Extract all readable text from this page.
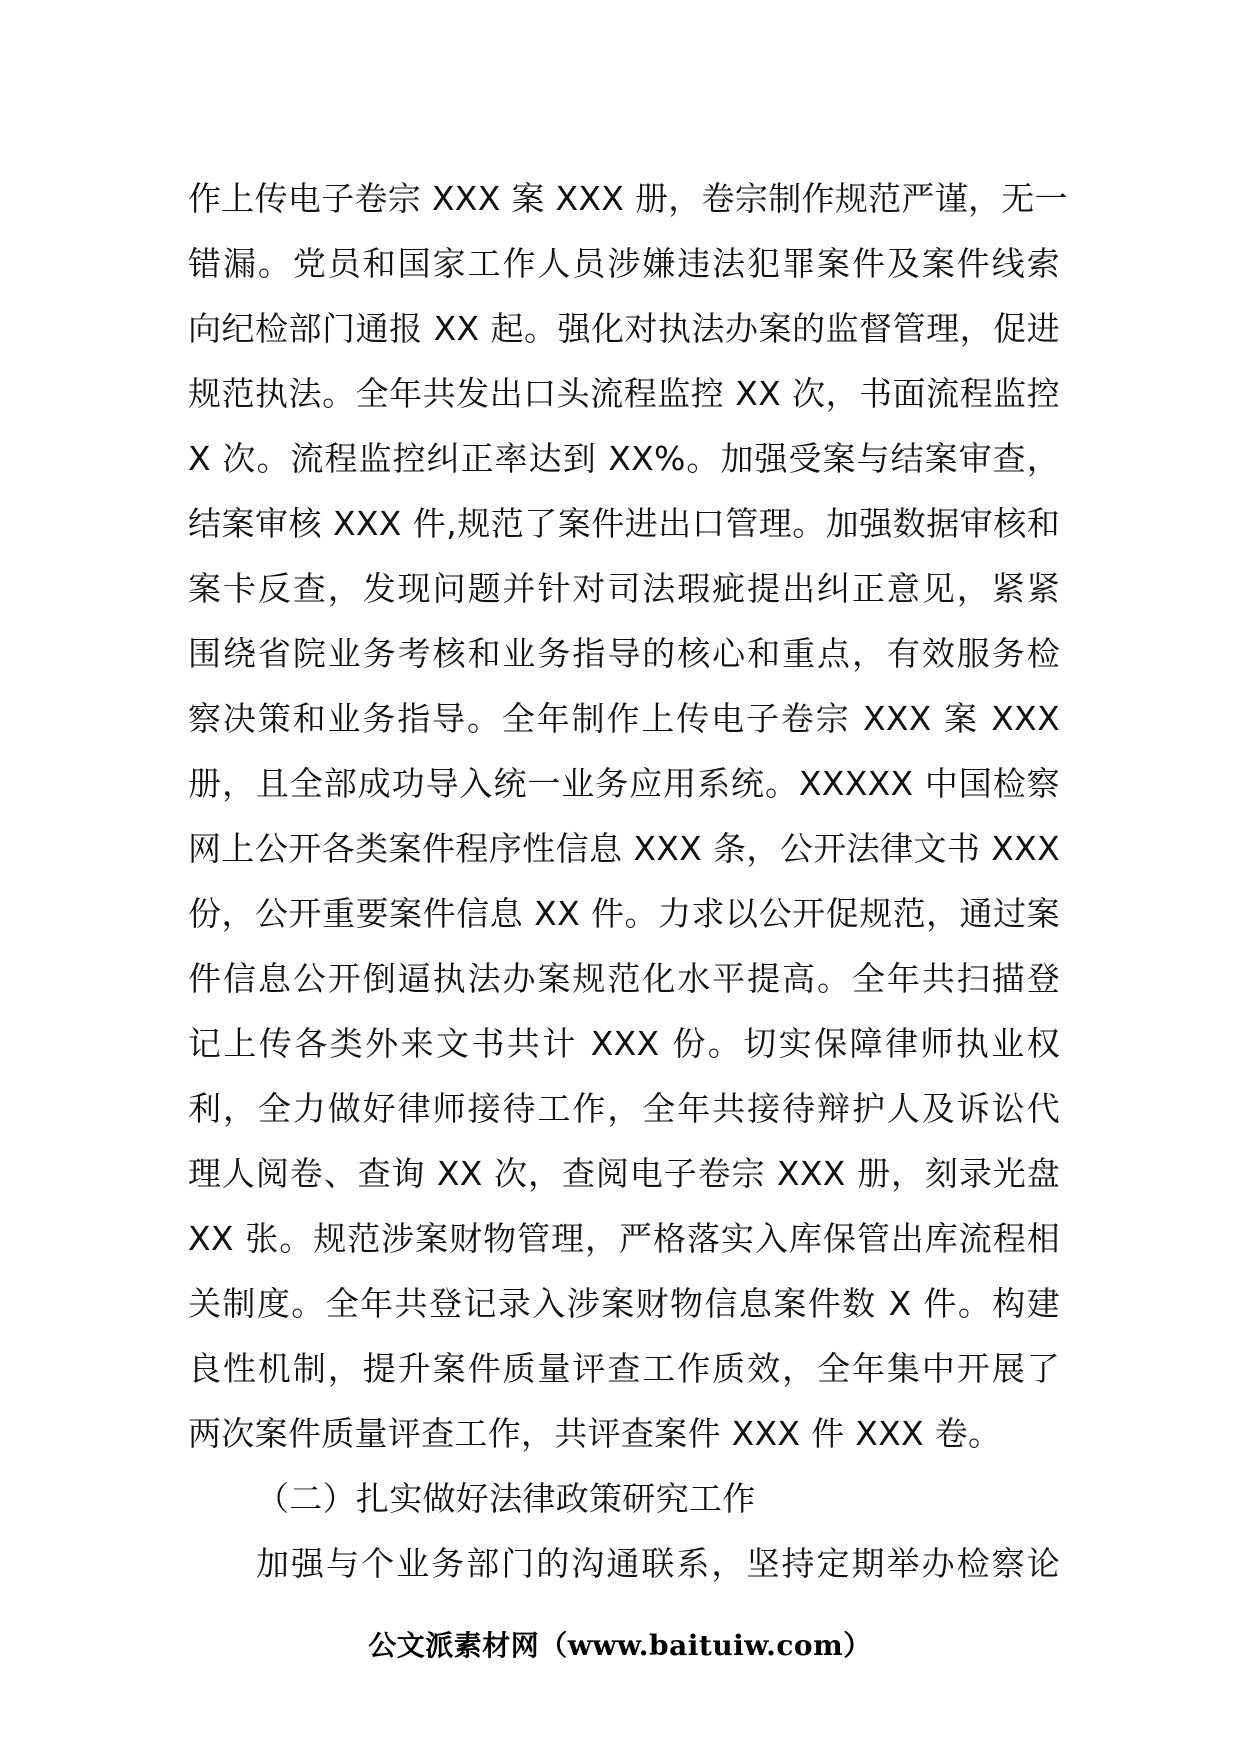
作上传电子卷宗 XXX 案 XXX 册，卷宗制作规范严谨，无一
错漏。党员和国家工作人员涉嫌违法犯罪案件及案件线索
向纪检部门通报 XX 起。强化对执法办案的监督管理，促进
规范执法。全年共发出口头流程监控 XX 次，书面流程监控
X 次。流程监控纠正率达到 XX%。加强受案与结案审查，
结案审核 XXX 件,规范了案件进出口管理。加强数据审核和
案卡反查，发现问题并针对司法瑕疵提出纠正意见，紧紧
围绕省院业务考核和业务指导的核心和重点，有效服务检
察决策和业务指导。全年制作上传电子卷宗 XXX 案 XXX
册，且全部成功导入统一业务应用系统。XXXXX 中国检察
网上公开各类案件程序性信息 XXX 条，公开法律文书 XXX
份，公开重要案件信息 XX 件。力求以公开促规范，通过案
件信息公开倒逼执法办案规范化水平提高。全年共扫描登
记上传各类外来文书共计 XXX 份。切实保障律师执业权
利，全力做好律师接待工作，全年共接待辩护人及诉讼代
理人阅卷、查询 XX 次，查阅电子卷宗 XXX 册，刻录光盘
XX 张。规范涉案财物管理，严格落实入库保管出库流程相
关制度。全年共登记录入涉案财物信息案件数 X 件。构建
良性机制，提升案件质量评查工作质效，全年集中开展了
两次案件质量评查工作，共评查案件 XXX 件 XXX 卷。
（二）扎实做好法律政策研究工作
加强与个业务部门的沟通联系，坚持定期举办检察论
公文派素材网（www.baituiw.com）
